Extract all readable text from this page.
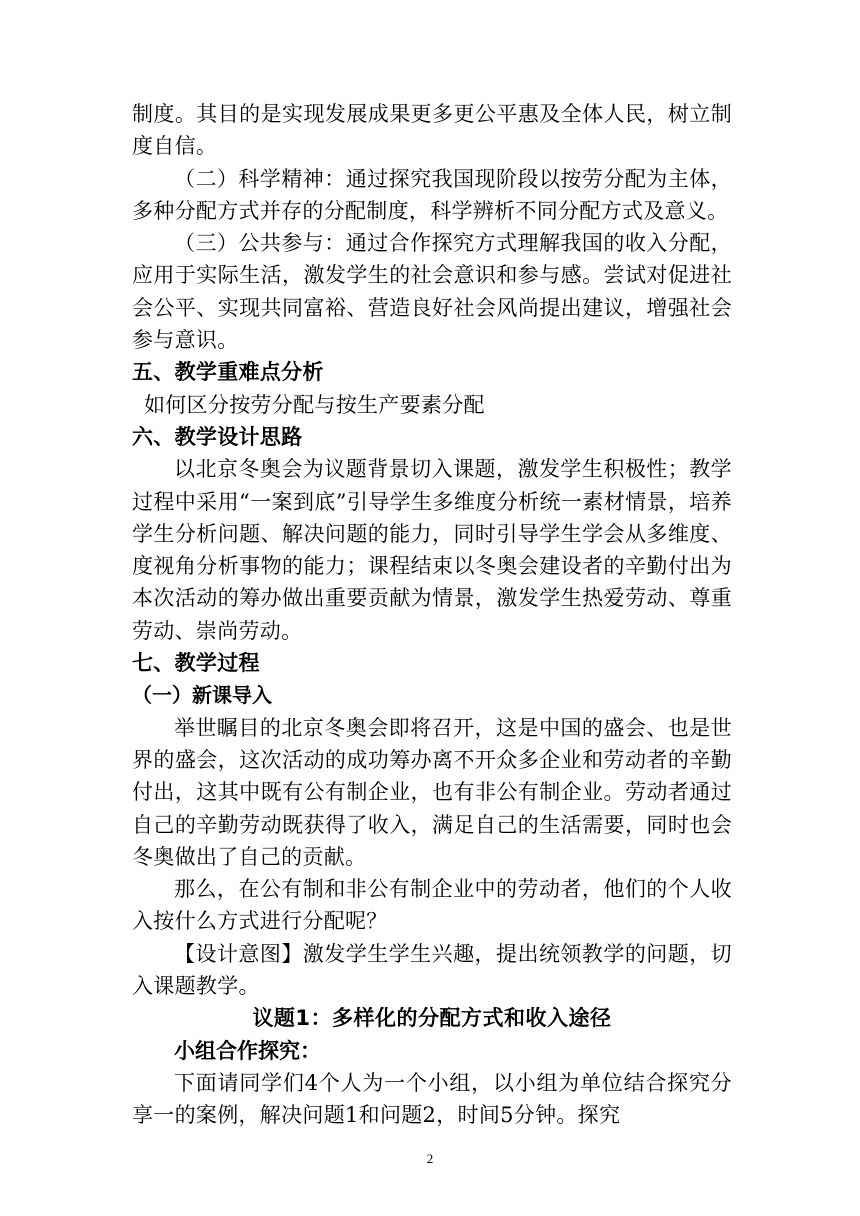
制度。其目的是实现发展成果更多更公平惠及全体人民，树立制度自信。

（二）科学精神：通过探究我国现阶段以按劳分配为主体，多种分配方式并存的分配制度，科学辨析不同分配方式及意义。

（三）公共参与：通过合作探究方式理解我国的收入分配，应用于实际生活，激发学生的社会意识和参与感。尝试对促进社会公平、实现共同富裕、营造良好社会风尚提出建议，增强社会参与意识。

五、教学重难点分析

如何区分按劳分配与按生产要素分配

六、教学设计思路

以北京冬奥会为议题背景切入课题，激发学生积极性；教学过程中采用“一案到底”引导学生多维度分析统一素材情景，培养学生分析问题、解决问题的能力，同时引导学生学会从多维度、度视角分析事物的能力；课程结束以冬奥会建设者的辛勤付出为本次活动的筹办做出重要贡献为情景，激发学生热爱劳动、尊重劳动、崇尚劳动。

七、教学过程

（一）新课导入

举世瞩目的北京冬奥会即将召开，这是中国的盛会、也是世界的盛会，这次活动的成功筹办离不开众多企业和劳动者的辛勤付出，这其中既有公有制企业，也有非公有制企业。劳动者通过自己的辛勤劳动既获得了收入，满足自己的生活需要，同时也会冬奥做出了自己的贡献。

那么，在公有制和非公有制企业中的劳动者，他们的个人收入按什么方式进行分配呢？

【设计意图】激发学生学生兴趣，提出统领教学的问题，切入课题教学。

议题1：多样化的分配方式和收入途径

小组合作探究：

下面请同学们4个人为一个小组，以小组为单位结合探究分享一的案例，解决问题1和问题2，时间5分钟。探究

2
